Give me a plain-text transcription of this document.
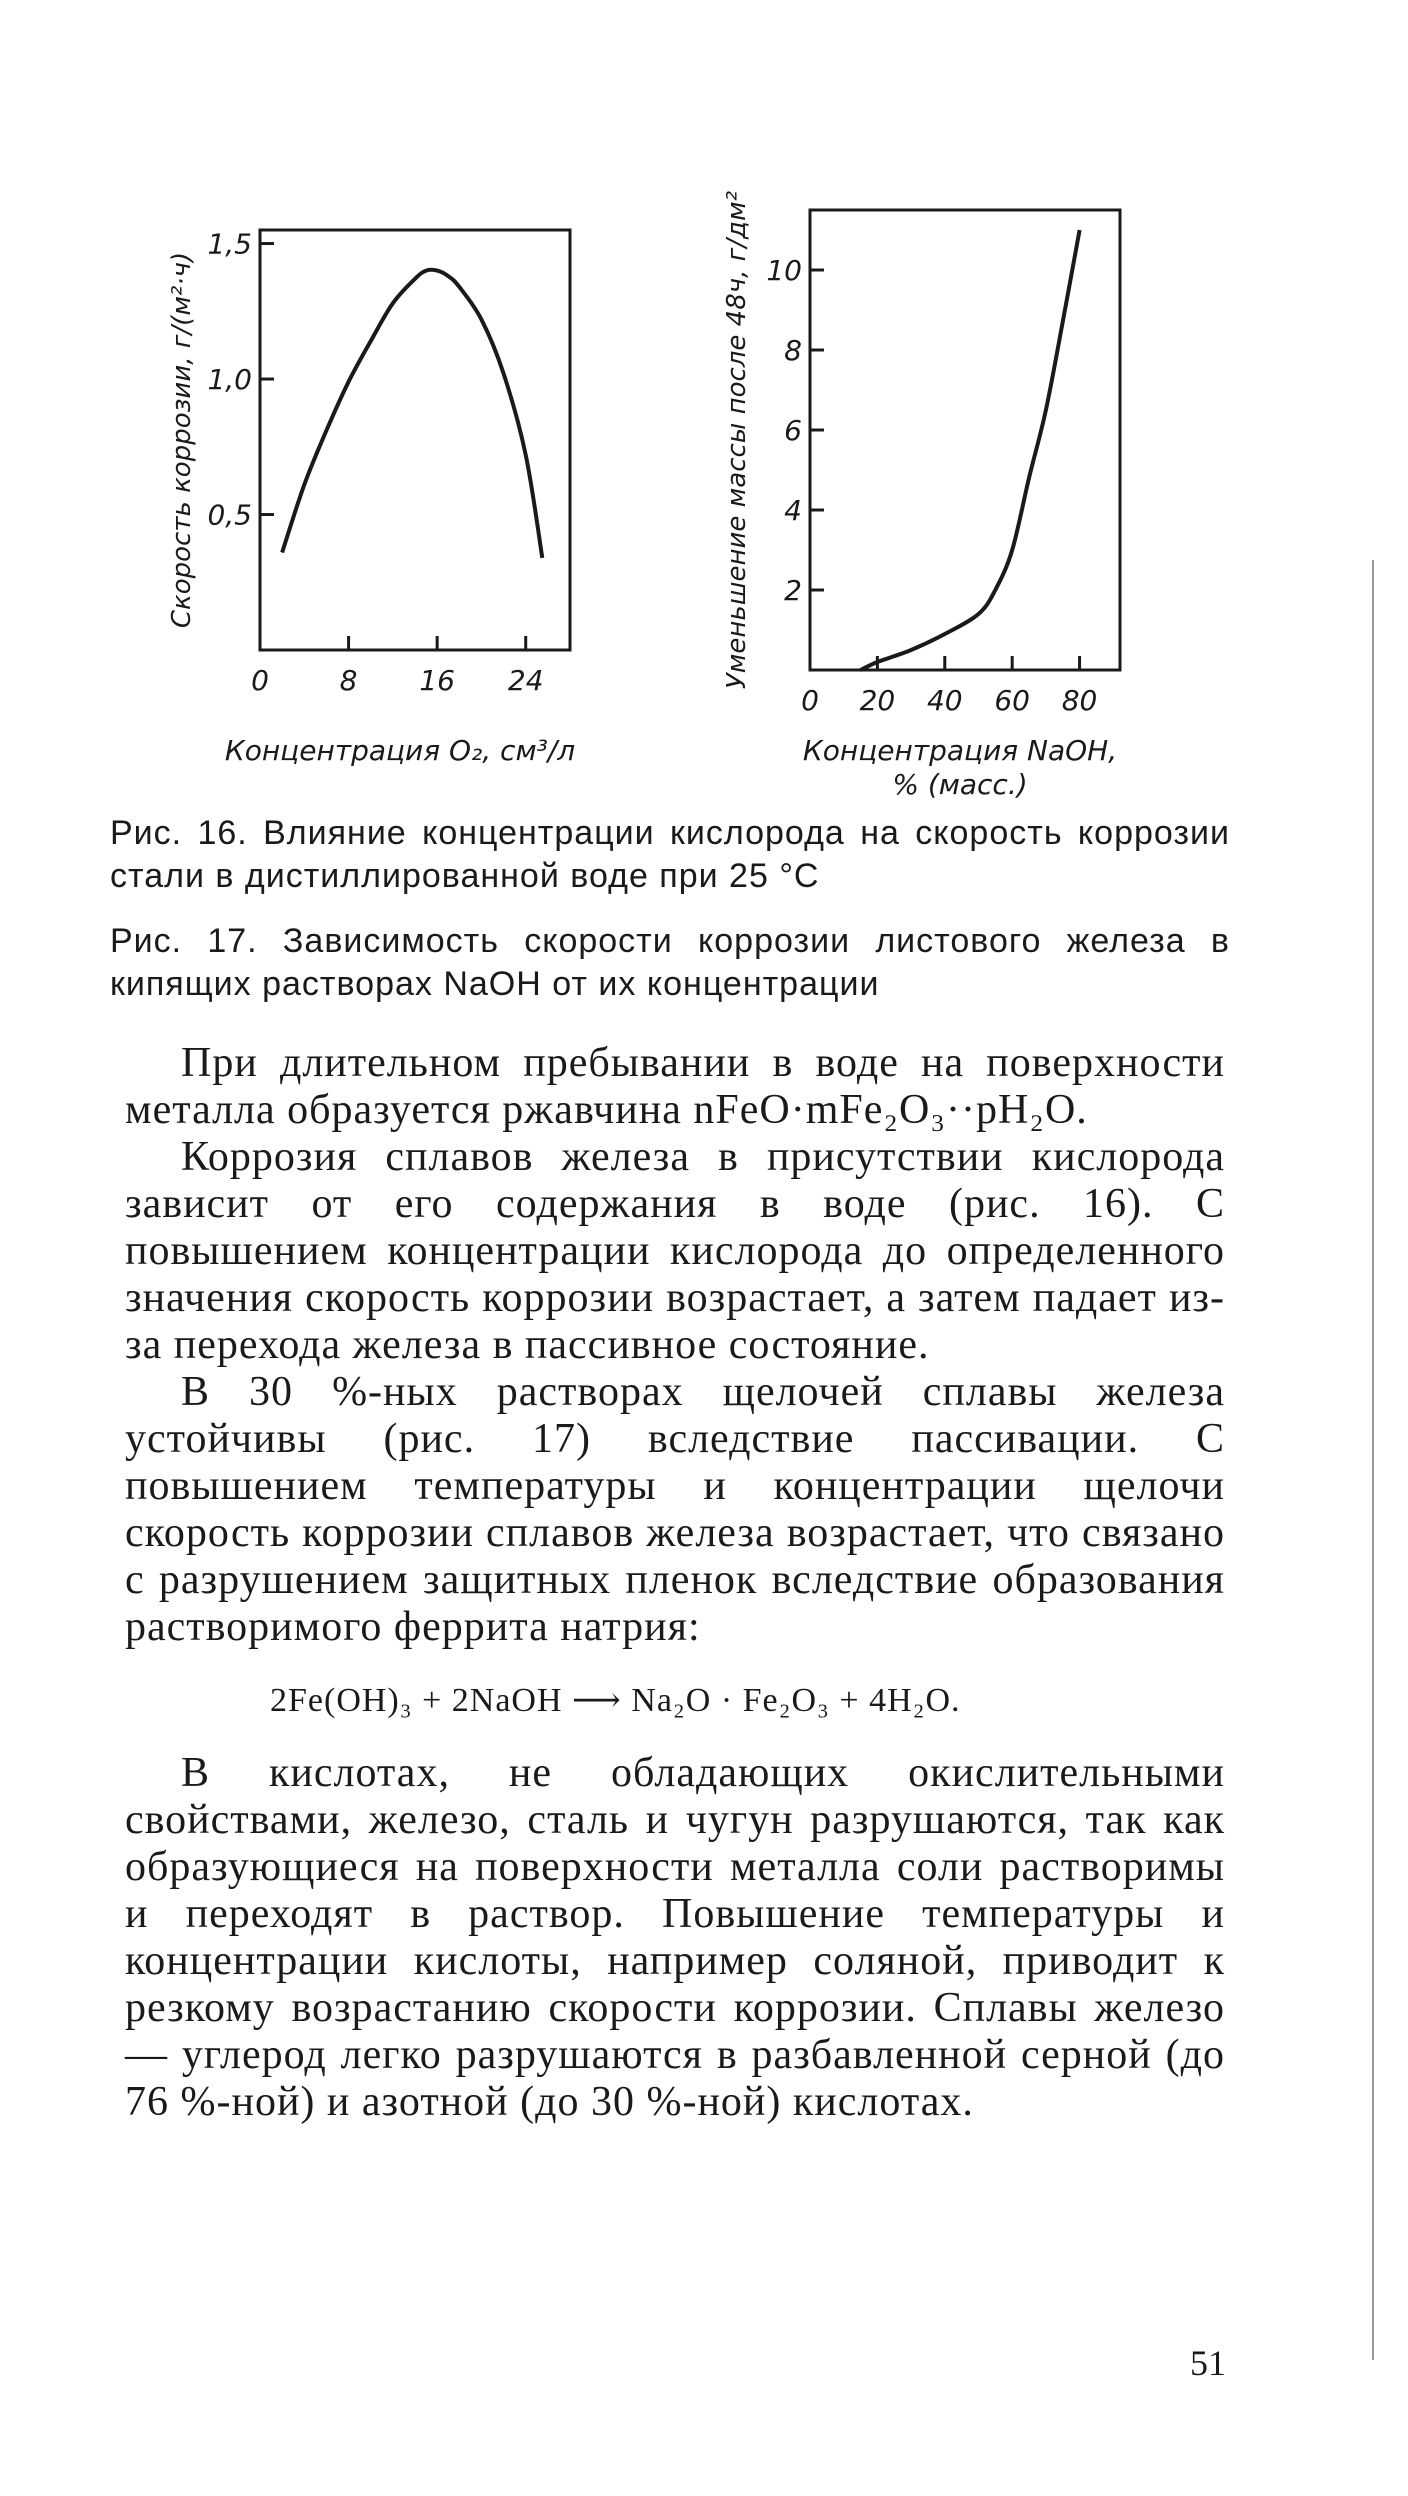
0,5
1,0
1,5
0	8 16 24
Скорость коррозии, г/(м²·ч)
Концентрация O₂, см³/л
2
4
6
8
10
0 20 40 60 80
Уменьшение массы после 48ч, г/дм²
Концентрация NaOH, % (масс.)
Рис. 16. Влияние концентрации кислорода на скорость коррозии стали в дистиллированной воде при 25 °С
Рис. 17. Зависимость скорости коррозии листового железа в кипящих растворах NaOH от их концентрации

При длительном пребывании в воде на поверхности металла образуется ржавчина nFeO·mFe₂O₃··pH₂O.

Коррозия сплавов железа в присутствии кислорода зависит от его содержания в воде (рис. 16). С повышением концентрации кислорода до определенного значения скорость коррозии возрастает, а затем падает из-за перехода железа в пассивное состояние.

В 30 %-ных растворах щелочей сплавы железа устойчивы (рис. 17) вследствие пассивации. С повышением температуры и концентрации щелочи скорость коррозии сплавов железа возрастает, что связано с разрушением защитных пленок вследствие образования растворимого феррита натрия:

2Fe(OH)₃ + 2NaOH ⟶ Na₂O · Fe₂O₃ + 4H₂O.

В кислотах, не обладающих окислительными свойствами, железо, сталь и чугун разрушаются, так как образующиеся на поверхности металла соли растворимы и переходят в раствор. Повышение температуры и концентрации кислоты, например соляной, приводит к резкому возрастанию скорости коррозии. Сплавы железо — углерод легко разрушаются в разбавленной серной (до 76 %-ной) и азотной (до 30 %-ной) кислотах.

51
